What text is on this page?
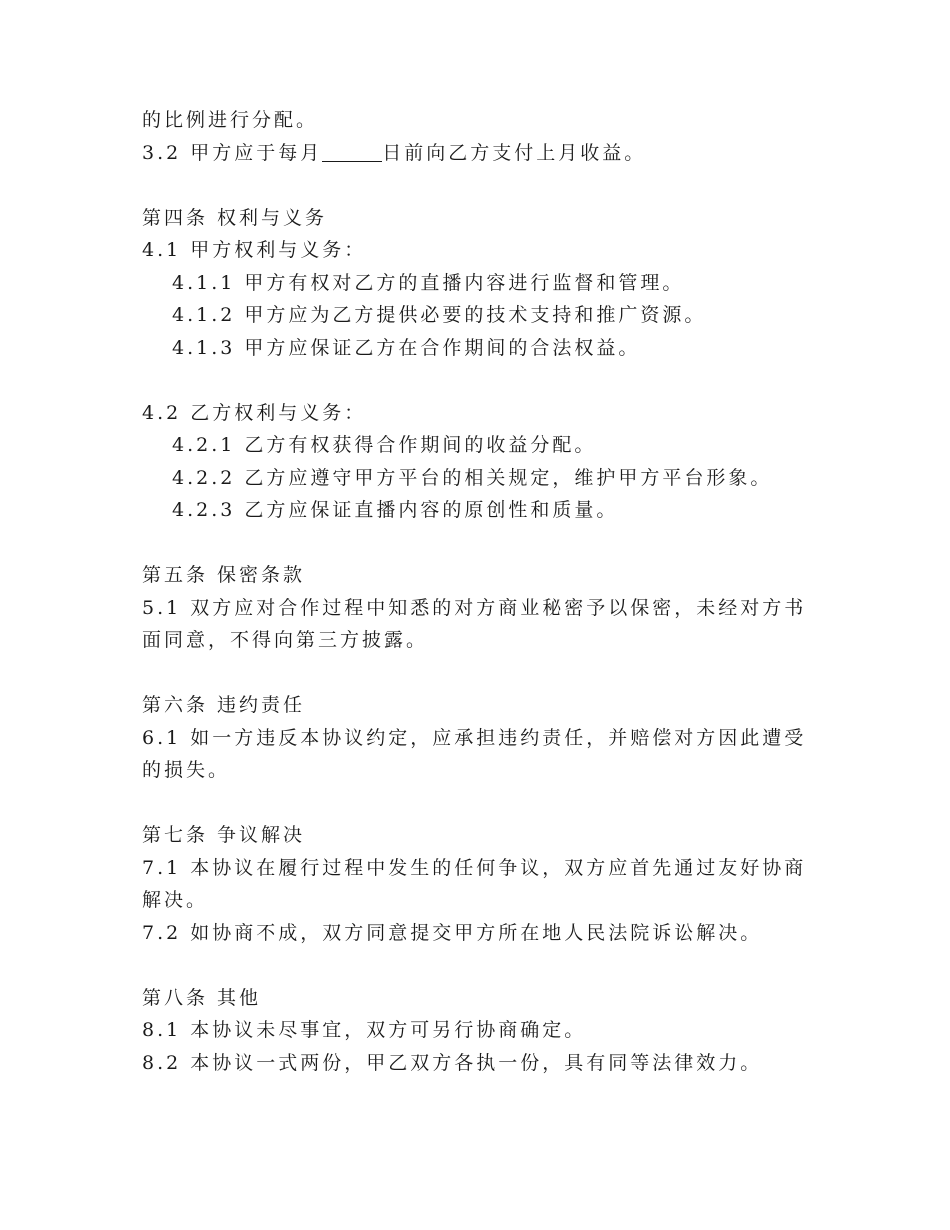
的比例进行分配。
3.2 甲方应于每月	日前向乙方支付上月收益。
第四条 权利与义务
4.1 甲方权利与义务：
4.1.1 甲方有权对乙方的直播内容进行监督和管理。
4.1.2 甲方应为乙方提供必要的技术支持和推广资源。
4.1.3 甲方应保证乙方在合作期间的合法权益。
4.2 乙方权利与义务：
4.2.1 乙方有权获得合作期间的收益分配。
4.2.2 乙方应遵守甲方平台的相关规定，维护甲方平台形象。
4.2.3 乙方应保证直播内容的原创性和质量。
第五条 保密条款
5.1 双方应对合作过程中知悉的对方商业秘密予以保密，未经对方书
面同意，不得向第三方披露。
第六条 违约责任
6.1 如一方违反本协议约定，应承担违约责任，并赔偿对方因此遭受
的损失。
第七条 争议解决
7.1 本协议在履行过程中发生的任何争议，双方应首先通过友好协商
解决。
7.2 如协商不成，双方同意提交甲方所在地人民法院诉讼解决。
第八条 其他
8.1 本协议未尽事宜，双方可另行协商确定。
8.2 本协议一式两份，甲乙双方各执一份，具有同等法律效力。
